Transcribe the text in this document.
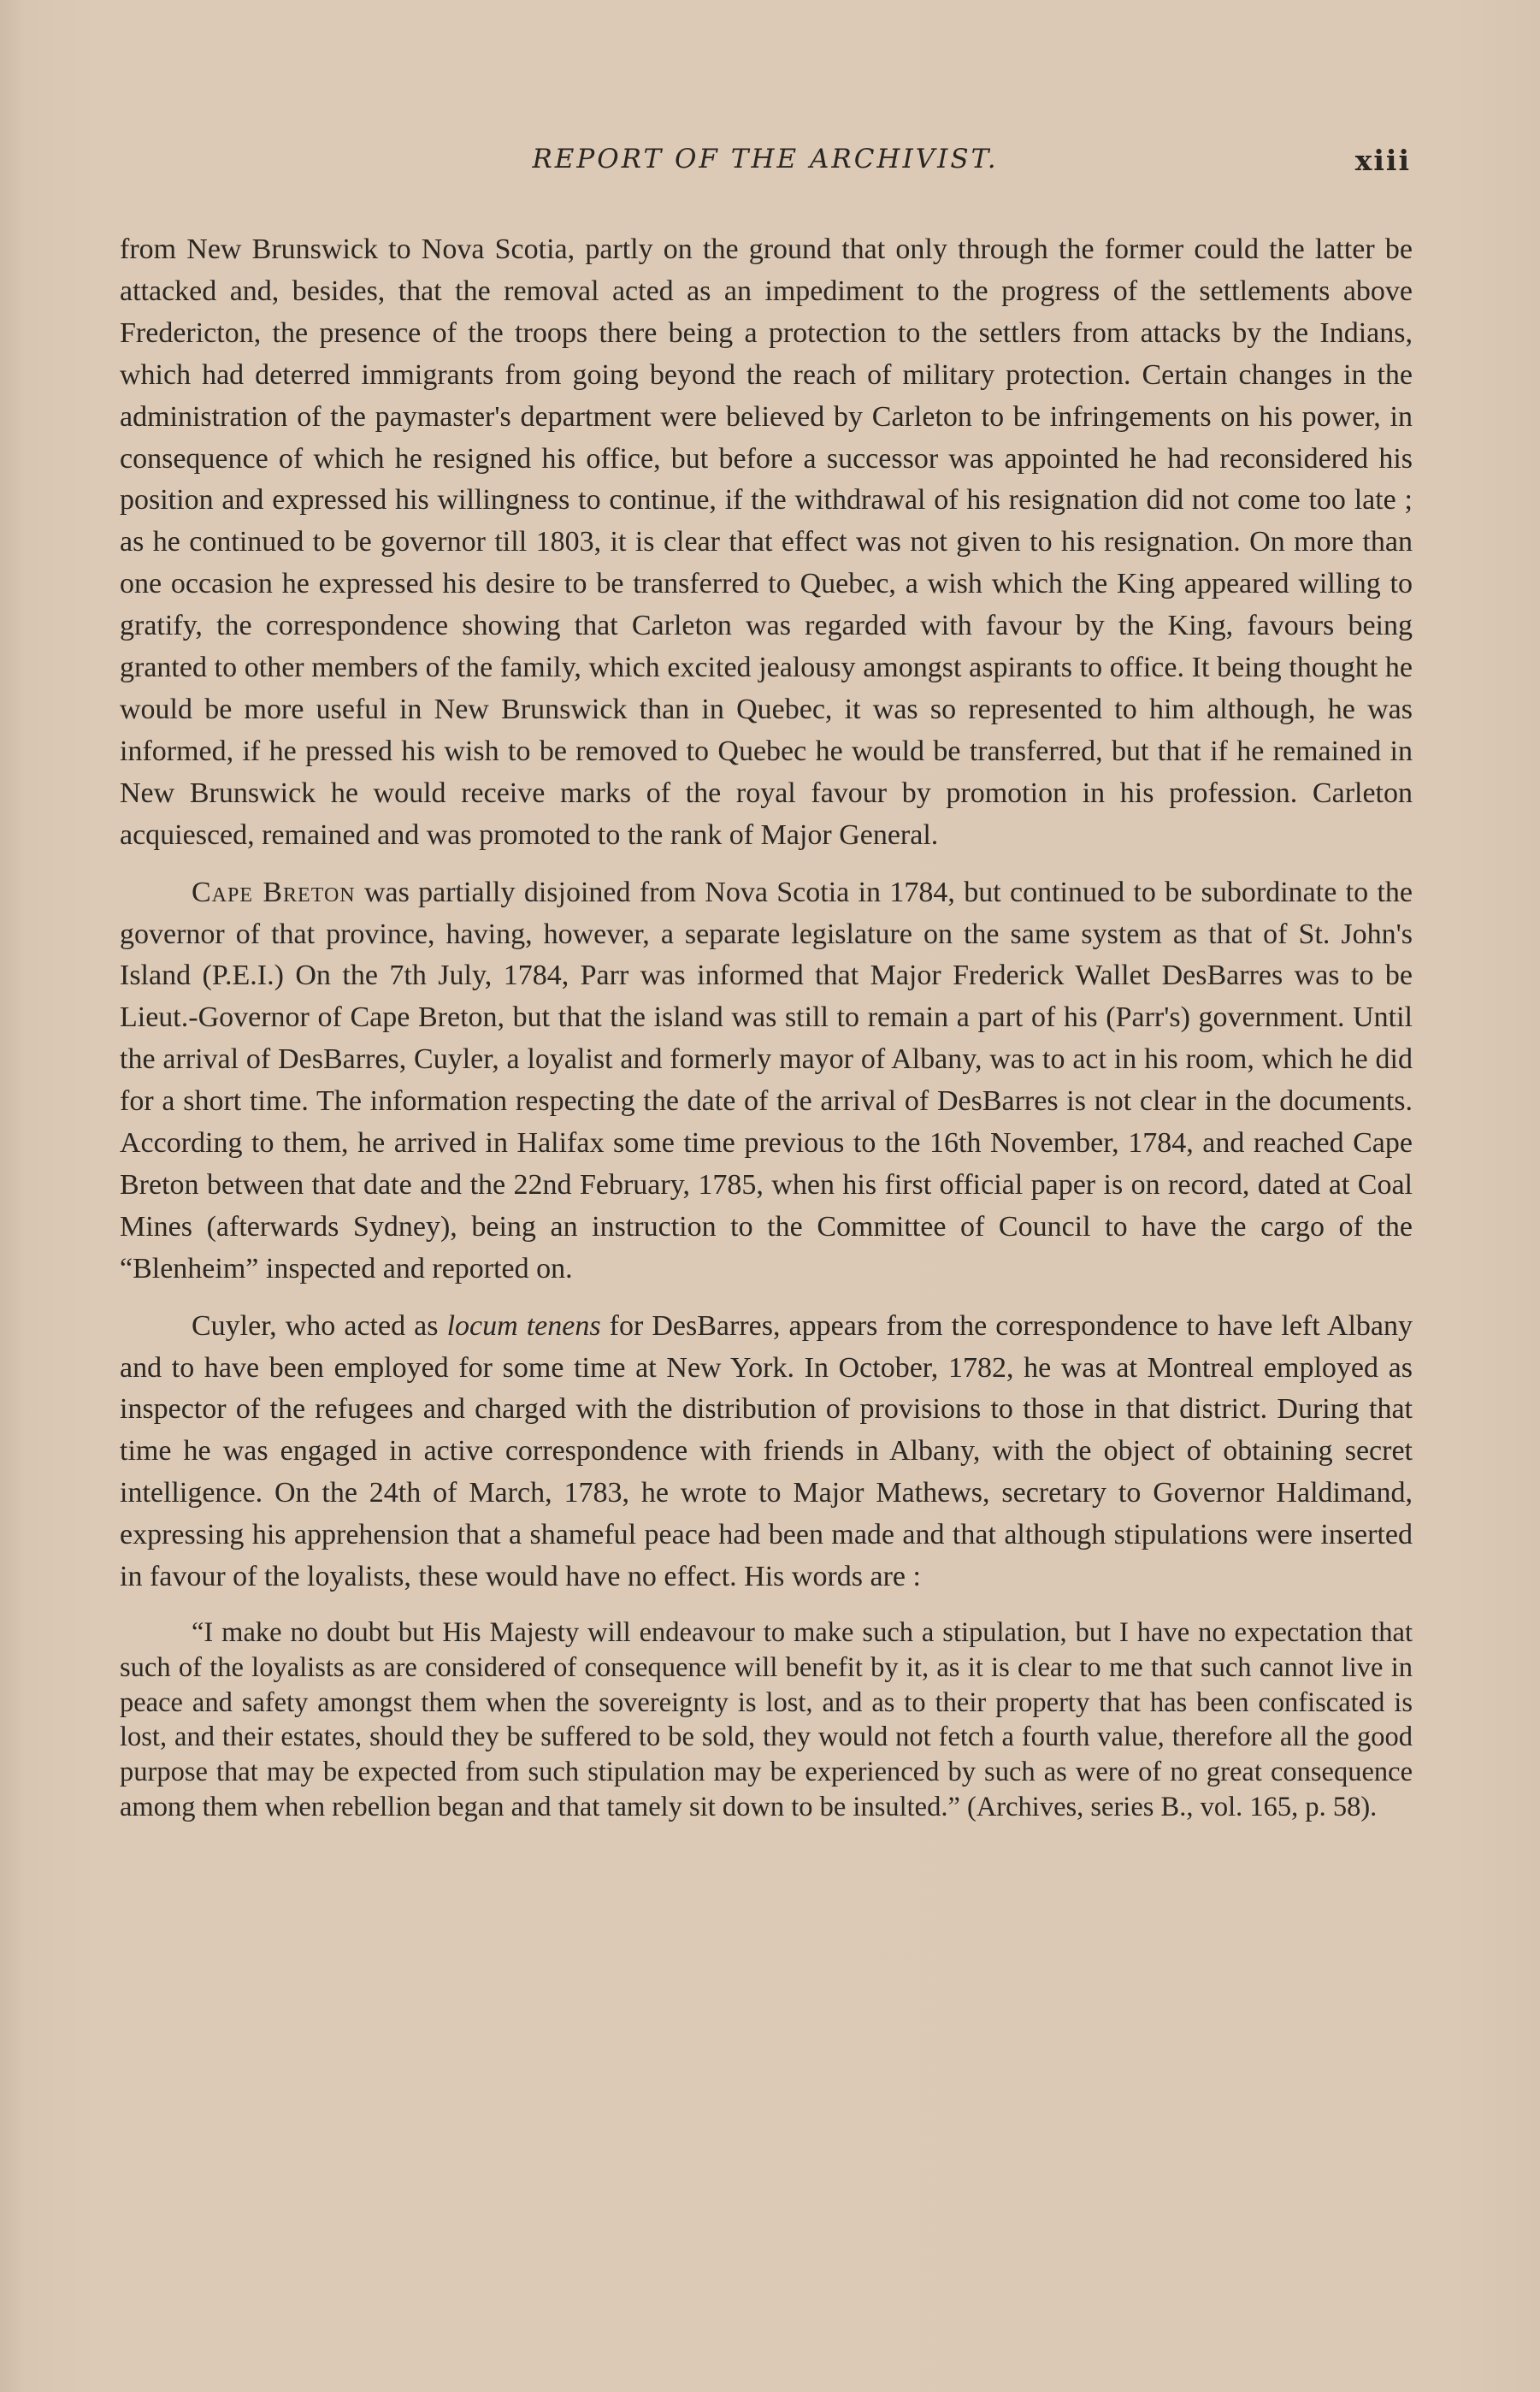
REPORT OF THE ARCHIVIST.	xiii

from New Brunswick to Nova Scotia, partly on the ground that only through the former could the latter be attacked and, besides, that the removal acted as an impediment to the progress of the settlements above Fredericton, the presence of the troops there being a protection to the settlers from attacks by the Indians, which had deterred immigrants from going beyond the reach of military protection. Certain changes in the administration of the paymaster's department were believed by Carleton to be infringements on his power, in consequence of which he resigned his office, but before a successor was appointed he had reconsidered his position and expressed his willingness to continue, if the withdrawal of his resignation did not come too late ; as he continued to be governor till 1803, it is clear that effect was not given to his resignation. On more than one occasion he expressed his desire to be transferred to Quebec, a wish which the King appeared willing to gratify, the correspondence showing that Carleton was regarded with favour by the King, favours being granted to other members of the family, which excited jealousy amongst aspirants to office. It being thought he would be more useful in New Brunswick than in Quebec, it was so represented to him although, he was informed, if he pressed his wish to be removed to Quebec he would be transferred, but that if he remained in New Brunswick he would receive marks of the royal favour by promotion in his profession. Carleton acquiesced, remained and was promoted to the rank of Major General.

Cape Breton was partially disjoined from Nova Scotia in 1784, but continued to be subordinate to the governor of that province, having, however, a separate legislature on the same system as that of St. John's Island (P.E.I.) On the 7th July, 1784, Parr was informed that Major Frederick Wallet DesBarres was to be Lieut.-Governor of Cape Breton, but that the island was still to remain a part of his (Parr's) government. Until the arrival of DesBarres, Cuyler, a loyalist and formerly mayor of Albany, was to act in his room, which he did for a short time. The information respecting the date of the arrival of DesBarres is not clear in the documents. According to them, he arrived in Halifax some time previous to the 16th November, 1784, and reached Cape Breton between that date and the 22nd February, 1785, when his first official paper is on record, dated at Coal Mines (afterwards Sydney), being an instruction to the Committee of Council to have the cargo of the “Blenheim” inspected and reported on.

Cuyler, who acted as locum tenens for DesBarres, appears from the correspondence to have left Albany and to have been employed for some time at New York. In October, 1782, he was at Montreal employed as inspector of the refugees and charged with the distribution of provisions to those in that district. During that time he was engaged in active correspondence with friends in Albany, with the object of obtaining secret intelligence. On the 24th of March, 1783, he wrote to Major Mathews, secretary to Governor Haldimand, expressing his apprehension that a shameful peace had been made and that although stipulations were inserted in favour of the loyalists, these would have no effect. His words are :

“I make no doubt but His Majesty will endeavour to make such a stipulation, but I have no expectation that such of the loyalists as are considered of consequence will benefit by it, as it is clear to me that such cannot live in peace and safety amongst them when the sovereignty is lost, and as to their property that has been confiscated is lost, and their estates, should they be suffered to be sold, they would not fetch a fourth value, therefore all the good purpose that may be expected from such stipulation may be experienced by such as were of no great consequence among them when rebellion began and that tamely sit down to be insulted.” (Archives, series B., vol. 165, p. 58).
